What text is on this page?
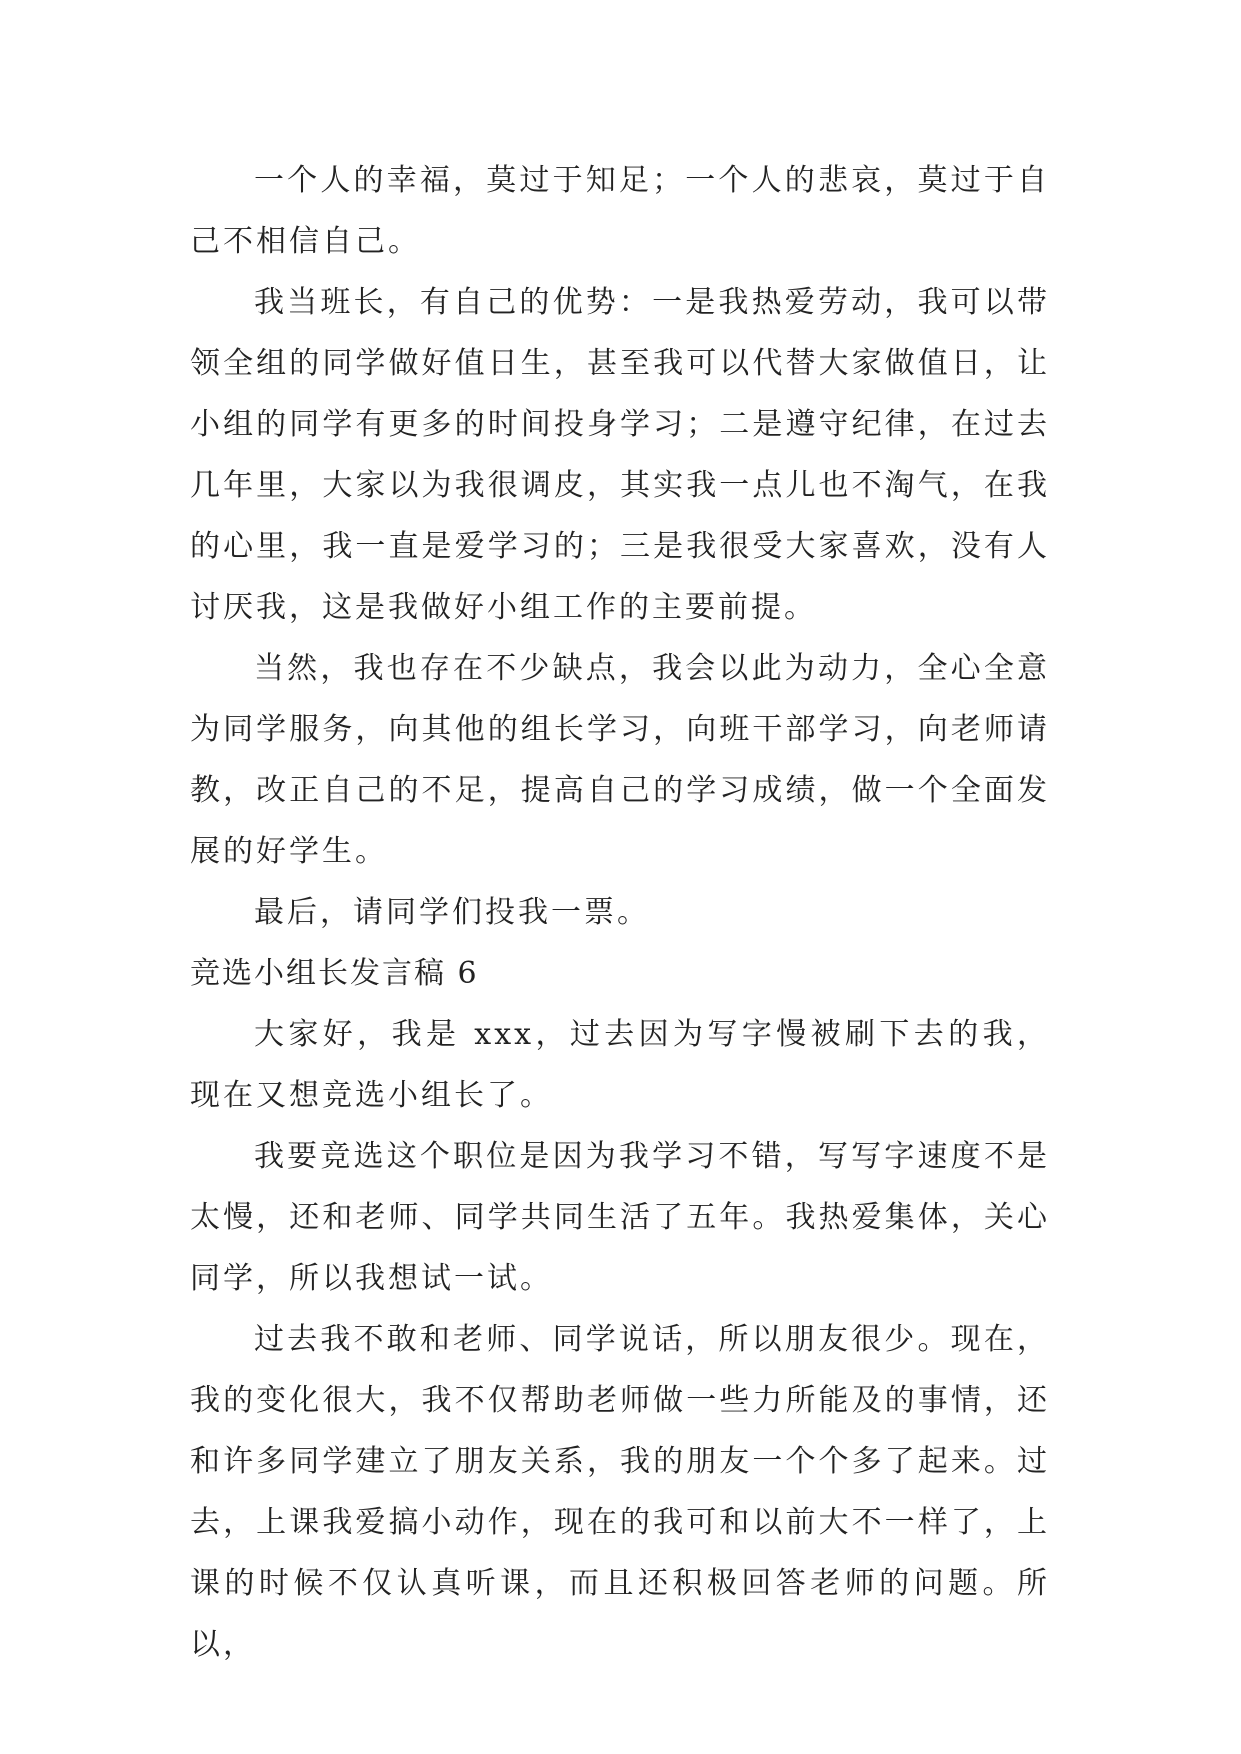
一个人的幸福，莫过于知足；一个人的悲哀，莫过于自己不相信自己。

我当班长，有自己的优势：一是我热爱劳动，我可以带领全组的同学做好值日生，甚至我可以代替大家做值日，让小组的同学有更多的时间投身学习；二是遵守纪律，在过去几年里，大家以为我很调皮，其实我一点儿也不淘气，在我的心里，我一直是爱学习的；三是我很受大家喜欢，没有人讨厌我，这是我做好小组工作的主要前提。

当然，我也存在不少缺点，我会以此为动力，全心全意为同学服务，向其他的组长学习，向班干部学习，向老师请教，改正自己的不足，提高自己的学习成绩，做一个全面发展的好学生。

最后，请同学们投我一票。

竞选小组长发言稿 6

大家好，我是 xxx，过去因为写字慢被刷下去的我，现在又想竞选小组长了。

我要竞选这个职位是因为我学习不错，写写字速度不是太慢，还和老师、同学共同生活了五年。我热爱集体，关心同学，所以我想试一试。

过去我不敢和老师、同学说话，所以朋友很少。现在，我的变化很大，我不仅帮助老师做一些力所能及的事情，还和许多同学建立了朋友关系，我的朋友一个个多了起来。过去，上课我爱搞小动作，现在的我可和以前大不一样了，上课的时候不仅认真听课，而且还积极回答老师的问题。所以，
